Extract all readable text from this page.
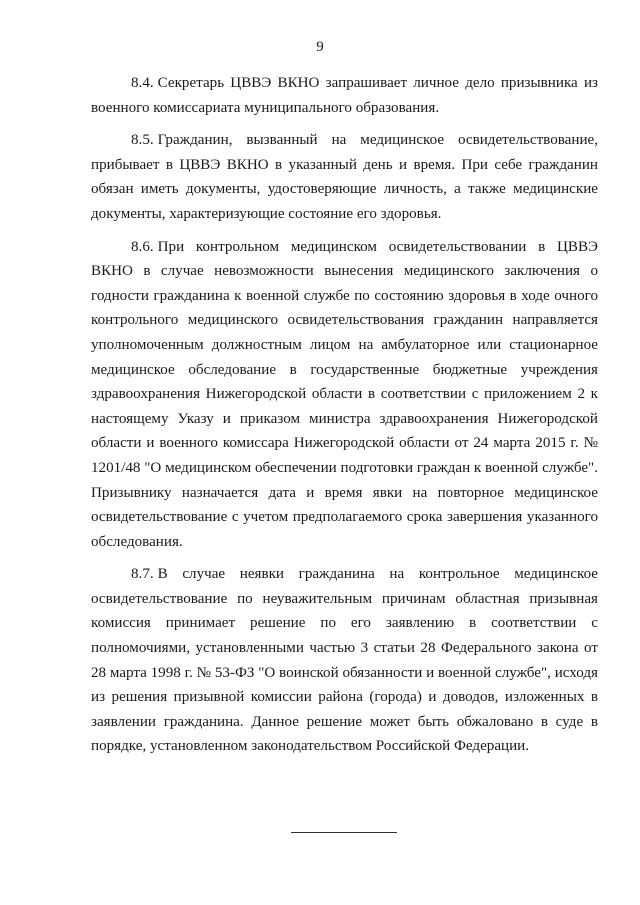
9

8.4. Секретарь ЦВВЭ ВКНО запрашивает личное дело призывника из военного комиссариата муниципального образования.

8.5. Гражданин, вызванный на медицинское освидетельствование, прибывает в ЦВВЭ ВКНО в указанный день и время. При себе гражданин обязан иметь документы, удостоверяющие личность, а также медицинские документы, характеризующие состояние его здоровья.

8.6. При контрольном медицинском освидетельствовании в ЦВВЭ ВКНО в случае невозможности вынесения медицинского заключения о годности гражданина к военной службе по состоянию здоровья в ходе очного контрольного медицинского освидетельствования гражданин направляется уполномоченным должностным лицом на амбулаторное или стационарное медицинское обследование в государственные бюджетные учреждения здравоохранения Нижегородской области в соответствии с приложением 2 к настоящему Указу и приказом министра здравоохранения Нижегородской области и военного комиссара Нижегородской области от 24 марта 2015 г. № 1201/48 "О медицинском обеспечении подготовки граждан к военной службе". Призывнику назначается дата и время явки на повторное медицинское освидетельствование с учетом предполагаемого срока завершения указанного обследования.

8.7. В случае неявки гражданина на контрольное медицинское освидетельствование по неуважительным причинам областная призывная комиссия принимает решение по его заявлению в соответствии с полномочиями, установленными частью 3 статьи 28 Федерального закона от 28 марта 1998 г. № 53-ФЗ "О воинской обязанности и военной службе", исходя из решения призывной комиссии района (города) и доводов, изложенных в заявлении гражданина. Данное решение может быть обжаловано в суде в порядке, установленном законодательством Российской Федерации.
